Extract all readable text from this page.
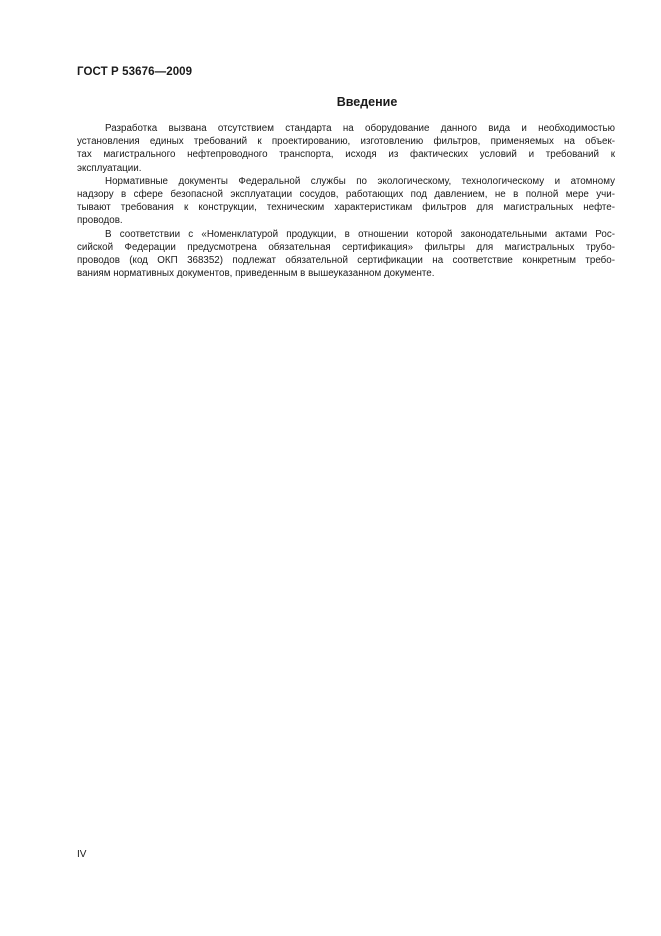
ГОСТ Р 53676—2009
Введение
Разработка вызвана отсутствием стандарта на оборудование данного вида и необходимостью
установления единых требований к проектированию, изготовлению фильтров, применяемых на объек-
тах магистрального нефтепроводного транспорта, исходя из фактических условий и требований к
эксплуатации.
Нормативные документы Федеральной службы по экологическому, технологическому и атомному
надзору в сфере безопасной эксплуатации сосудов, работающих под давлением, не в полной мере учи-
тывают требования к конструкции, техническим характеристикам фильтров для магистральных нефте-
проводов.
В соответствии с «Номенклатурой продукции, в отношении которой законодательными актами Рос-
сийской Федерации предусмотрена обязательная сертификация» фильтры для магистральных трубо-
проводов (код ОКП 368352) подлежат обязательной сертификации на соответствие конкретным требо-
ваниям нормативных документов, приведенным в вышеуказанном документе.
IV
